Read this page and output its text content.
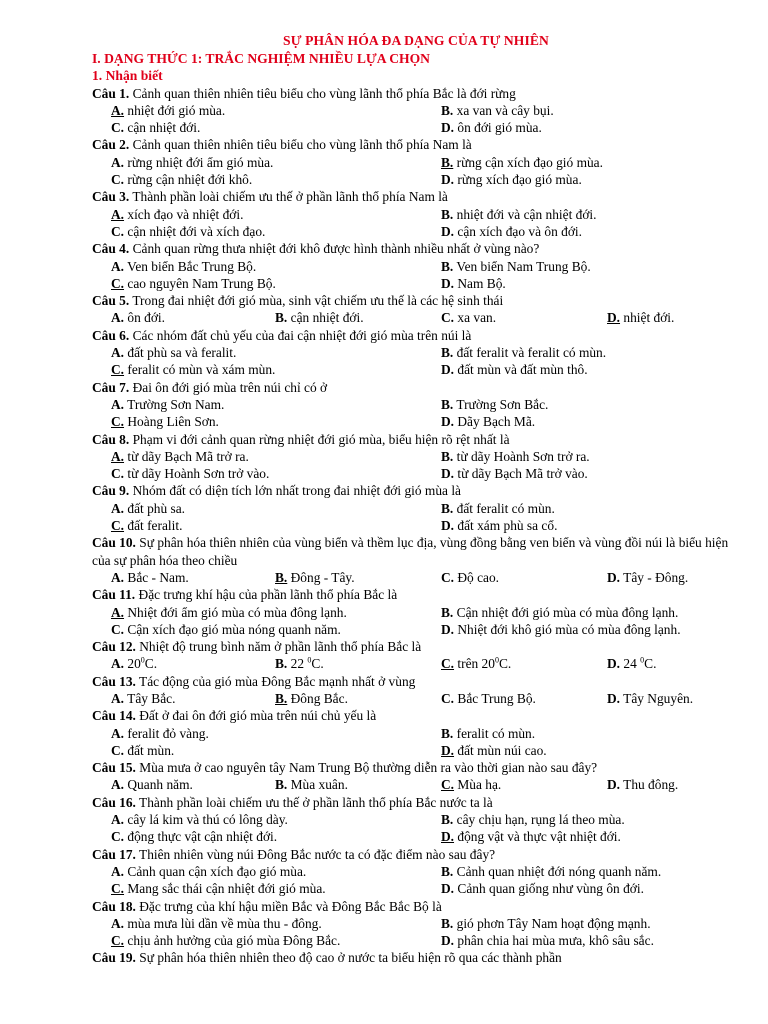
SỰ PHÂN HÓA ĐA DẠNG CỦA TỰ NHIÊN
I. DẠNG THỨC 1: TRẮC NGHIỆM NHIỀU LỰA CHỌN
1. Nhận biết
Câu 1. Cảnh quan thiên nhiên tiêu biểu cho vùng lãnh thổ phía Bắc là đới rừng
A. nhiệt đới gió mùa.	B. xa van và cây bụi.
C. cận nhiệt đới.	D. ôn đới gió mùa.
Câu 2. Cảnh quan thiên nhiên tiêu biểu cho vùng lãnh thổ phía Nam là
A. rừng nhiệt đới ẩm gió mùa.	B. rừng cận xích đạo gió mùa.
C. rừng cận nhiệt đới khô.	D. rừng xích đạo gió mùa.
Câu 3. Thành phần loài chiếm ưu thế ở phần lãnh thổ phía Nam là
A. xích đạo và nhiệt đới.	B. nhiệt đới và cận nhiệt đới.
C. cận nhiệt đới và xích đạo.	D. cận xích đạo và ôn đới.
Câu 4. Cảnh quan rừng thưa nhiệt đới khô được hình thành nhiều nhất ở vùng nào?
A. Ven biển Bắc Trung Bộ.	B. Ven biển Nam Trung Bộ.
C. cao nguyên Nam Trung Bộ.	D. Nam Bộ.
Câu 5. Trong đai nhiệt đới gió mùa, sinh vật chiếm ưu thế là các hệ sinh thái
A. ôn đới.	B. cận nhiệt đới.	C. xa van.	D. nhiệt đới.
Câu 6. Các nhóm đất chủ yếu của đai cận nhiệt đới gió mùa trên núi là
A. đất phù sa và feralit.	B. đất feralit và feralit có mùn.
C. feralit có mùn và xám mùn.	D. đất mùn và đất mùn thô.
Câu 7. Đai ôn đới gió mùa trên núi chỉ có ở
A. Trường Sơn Nam.	B. Trường Sơn Bắc.
C. Hoàng Liên Sơn.	D. Dãy Bạch Mã.
Câu 8. Phạm vi đới cảnh quan rừng nhiệt đới gió mùa, biểu hiện rõ rệt nhất là
A. từ dãy Bạch Mã trở ra.	B. từ dãy Hoành Sơn trở ra.
C. từ dãy Hoành Sơn trở vào.	D. từ dãy Bạch Mã trở vào.
Câu 9. Nhóm đất có diện tích lớn nhất trong đai nhiệt đới gió mùa là
A. đất phù sa.	B. đất feralit có mùn.
C. đất feralit.	D. đất xám phù sa cổ.
Câu 10. Sự phân hóa thiên nhiên của vùng biển và thềm lục địa, vùng đồng bằng ven biển và vùng đồi núi là biểu hiện của sự phân hóa theo chiều
A. Bắc - Nam.	B. Đông - Tây.	C. Độ cao.	D. Tây - Đông.
Câu 11. Đặc trưng khí hậu của phần lãnh thổ phía Bắc là
A. Nhiệt đới ẩm gió mùa có mùa đông lạnh.	B. Cận nhiệt đới gió mùa có mùa đông lạnh.
C. Cận xích đạo gió mùa nóng quanh năm.	D. Nhiệt đới khô gió mùa có mùa đông lạnh.
Câu 12. Nhiệt độ trung bình năm ở phần lãnh thổ phía Bắc là
A. $20^0C$.	B. 22 $^0$C.	C. trên $20^0C$.	D. 24 $^0$C.
Câu 13. Tác động của gió mùa Đông Bắc mạnh nhất ở vùng
A. Tây Bắc.	B. Đông Bắc.	C. Bắc Trung Bộ.	D. Tây Nguyên.
Câu 14. Đất ở đai ôn đới gió mùa trên núi chủ yếu là
A. feralit đỏ vàng.	B. feralit có mùn.
C. đất mùn.	D. đất mùn núi cao.
Câu 15. Mùa mưa ở cao nguyên tây Nam Trung Bộ thường diễn ra vào thời gian nào sau đây?
A. Quanh năm.	B. Mùa xuân.	C. Mùa hạ.	D. Thu đông.
Câu 16. Thành phần loài chiếm ưu thế ở phần lãnh thổ phía Bắc nước ta là
A. cây lá kim và thú có lông dày.	B. cây chịu hạn, rụng lá theo mùa.
C. động thực vật cận nhiệt đới.	D. động vật và thực vật nhiệt đới.
Câu 17. Thiên nhiên vùng núi Đông Bắc nước ta có đặc điểm nào sau đây?
A. Cảnh quan cận xích đạo gió mùa.	B. Cảnh quan nhiệt đới nóng quanh năm.
C. Mang sắc thái cận nhiệt đới gió mùa.	D. Cảnh quan giống như vùng ôn đới.
Câu 18. Đặc trưng của khí hậu miền Bắc và Đông Bắc Bắc Bộ là
A. mùa mưa lùi dần về mùa thu - đông.	B. gió phơn Tây Nam hoạt động mạnh.
C. chịu ảnh hưởng của gió mùa Đông Bắc.	D. phân chia hai mùa mưa, khô sâu sắc.
Câu 19. Sự phân hóa thiên nhiên theo độ cao ở nước ta biểu hiện rõ qua các thành phần
